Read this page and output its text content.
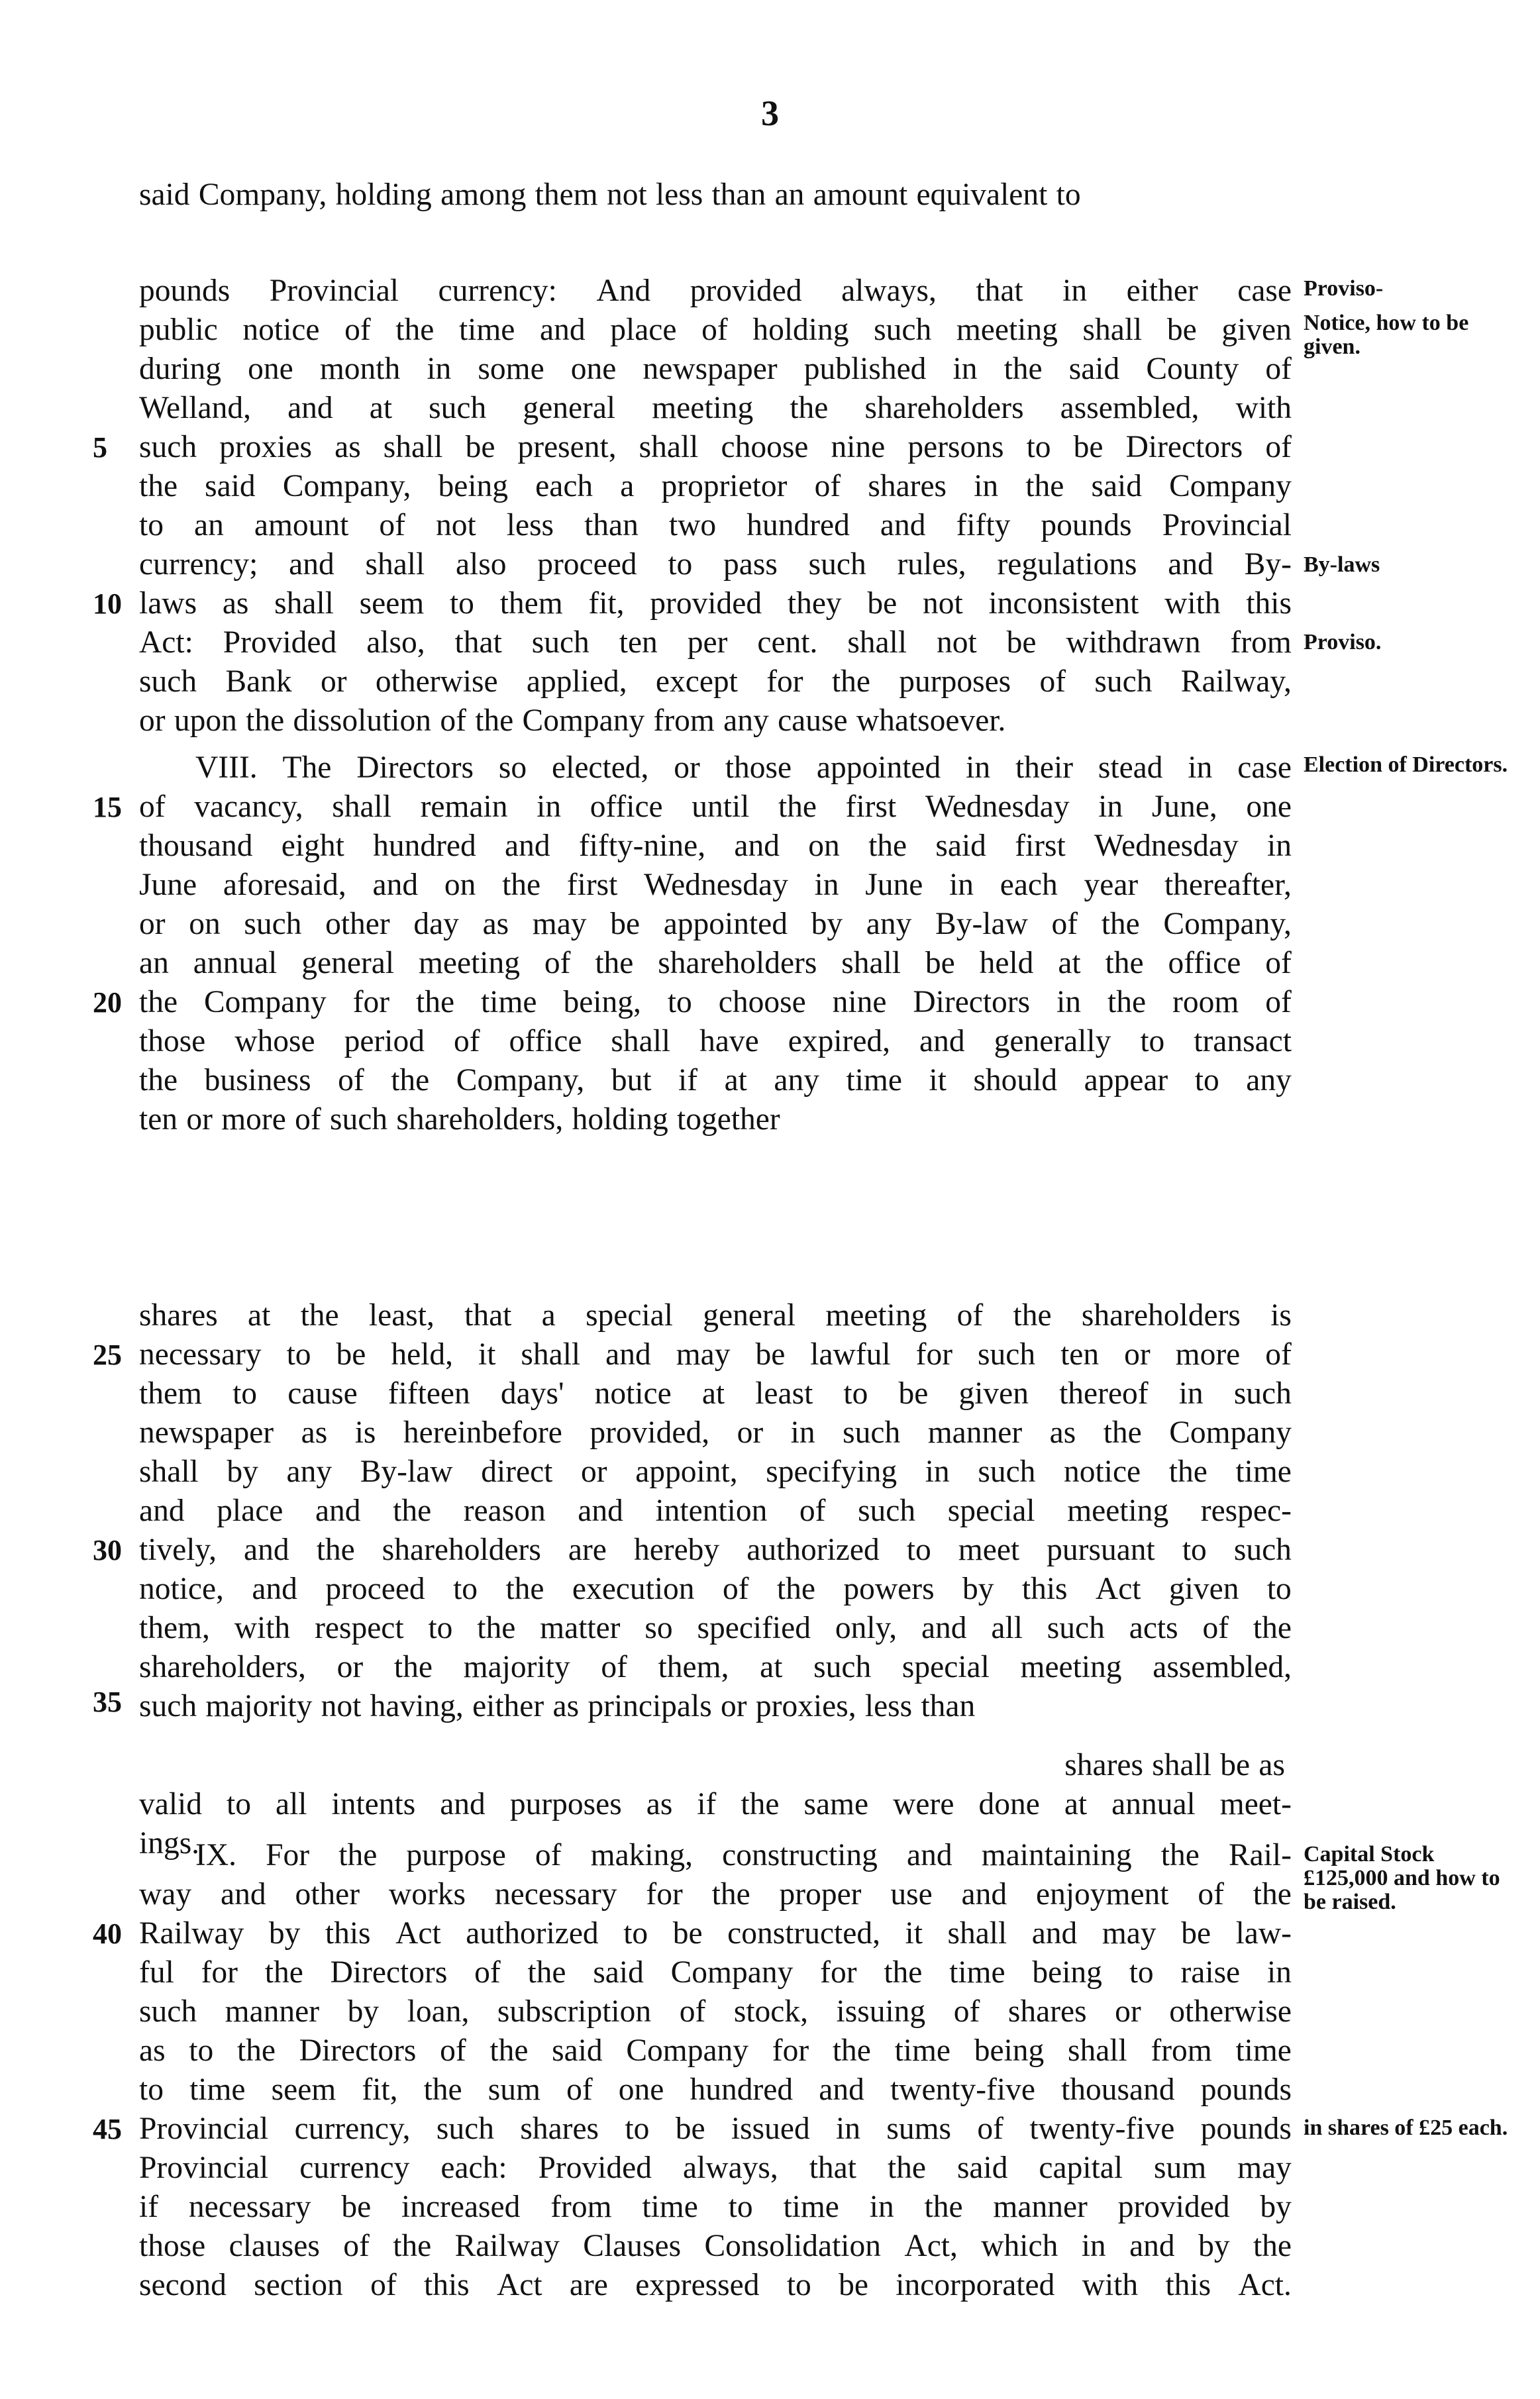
3
said Company, holding among them not less than an amount equivalent to
pounds Provincial currency: And provided always, that in either case
public notice of the time and place of holding such meeting shall be given
during one month in some one newspaper published in the said County of
Welland, and at such general meeting the shareholders assembled, with
such proxies as shall be present, shall choose nine persons to be Directors of
the said Company, being each a proprietor of shares in the said Company
to an amount of not less than two hundred and fifty pounds Provincial
currency; and shall also proceed to pass such rules, regulations and By-
laws as shall seem to them fit, provided they be not inconsistent with this
Act: Provided also, that such ten per cent. shall not be withdrawn from
such Bank or otherwise applied, except for the purposes of such Railway,
or upon the dissolution of the Company from any cause whatsoever.
VIII. The Directors so elected, or those appointed in their stead in case
of vacancy, shall remain in office until the first Wednesday in June, one
thousand eight hundred and fifty-nine, and on the said first Wednesday in
June aforesaid, and on the first Wednesday in June in each year thereafter,
or on such other day as may be appointed by any By-law of the Company,
an annual general meeting of the shareholders shall be held at the office of
the Company for the time being, to choose nine Directors in the room of
those whose period of office shall have expired, and generally to transact
the business of the Company, but if at any time it should appear to any
ten or more of such shareholders, holding together
shares at the least, that a special general meeting of the shareholders is
necessary to be held, it shall and may be lawful for such ten or more of
them to cause fifteen days' notice at least to be given thereof in such
newspaper as is hereinbefore provided, or in such manner as the Company
shall by any By-law direct or appoint, specifying in such notice the time
and place and the reason and intention of such special meeting respec-
tively, and the shareholders are hereby authorized to meet pursuant to such
notice, and proceed to the execution of the powers by this Act given to
them, with respect to the matter so specified only, and all such acts of the
shareholders, or the majority of them, at such special meeting assembled,
such majority not having, either as principals or proxies, less than
shares shall be as
valid to all intents and purposes as if the same were done at annual meet-
ings.
IX. For the purpose of making, constructing and maintaining the Rail-
way and other works necessary for the proper use and enjoyment of the
Railway by this Act authorized to be constructed, it shall and may be law-
ful for the Directors of the said Company for the time being to raise in
such manner by loan, subscription of stock, issuing of shares or otherwise
as to the Directors of the said Company for the time being shall from time
to time seem fit, the sum of one hundred and twenty-five thousand pounds
Provincial currency, such shares to be issued in sums of twenty-five pounds
Provincial currency each: Provided always, that the said capital sum may
if necessary be increased from time to time in the manner provided by
those clauses of the Railway Clauses Consolidation Act, which in and by the
second section of this Act are expressed to be incorporated with this Act.
5
10
15
20
25
30
35
40
45
Proviso-
Notice, how to be given.
By-laws
Proviso.
Election of Directors.
Capital Stock £125,000 and how to be raised.
in shares of £25 each.
